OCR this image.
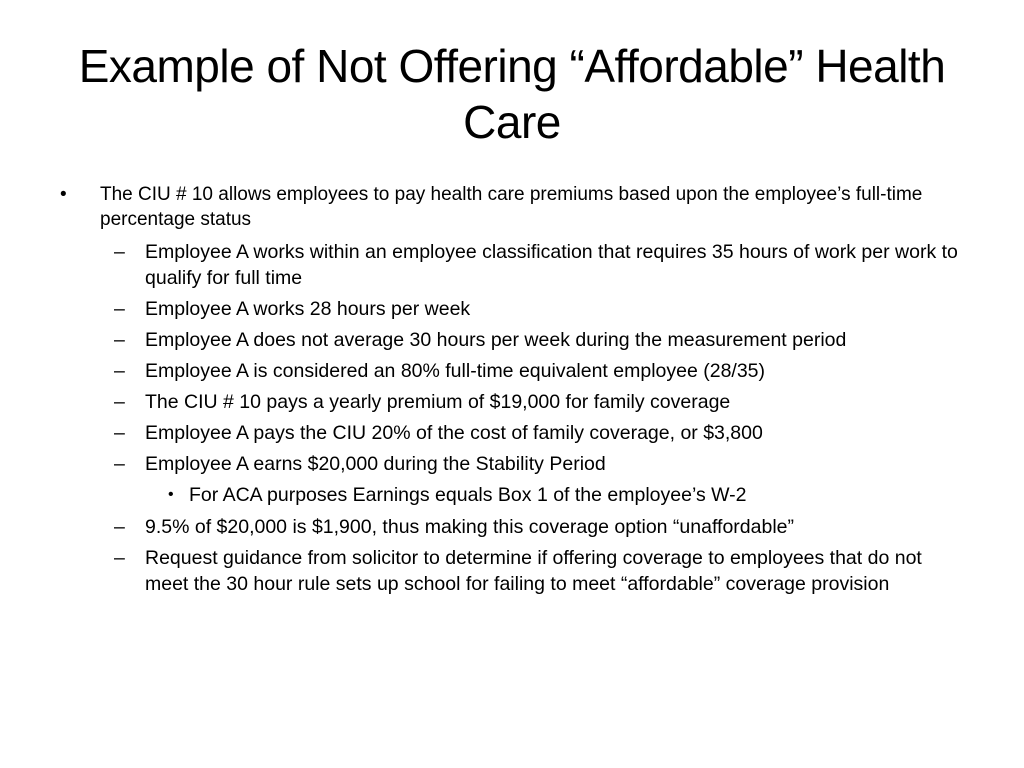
Example of Not Offering “Affordable” Health Care
• The CIU # 10 allows employees to pay health care premiums based upon the employee’s full-time percentage status
– Employee A works within an employee classification that requires 35 hours of work per work to qualify for full time
– Employee A works 28 hours per week
– Employee A does not average 30 hours per week during the measurement period
– Employee A is considered an 80% full-time equivalent employee (28/35)
– The CIU # 10 pays a yearly premium of $19,000 for family coverage
– Employee A pays the CIU 20% of the cost of family coverage, or $3,800
– Employee A earns $20,000 during the Stability Period
• For ACA purposes Earnings equals Box 1 of the employee’s W-2
– 9.5% of $20,000 is $1,900, thus making this coverage option “unaffordable”
– Request guidance from solicitor to determine if offering coverage to employees that do not meet the 30 hour rule sets up school for failing to meet “affordable” coverage provision
